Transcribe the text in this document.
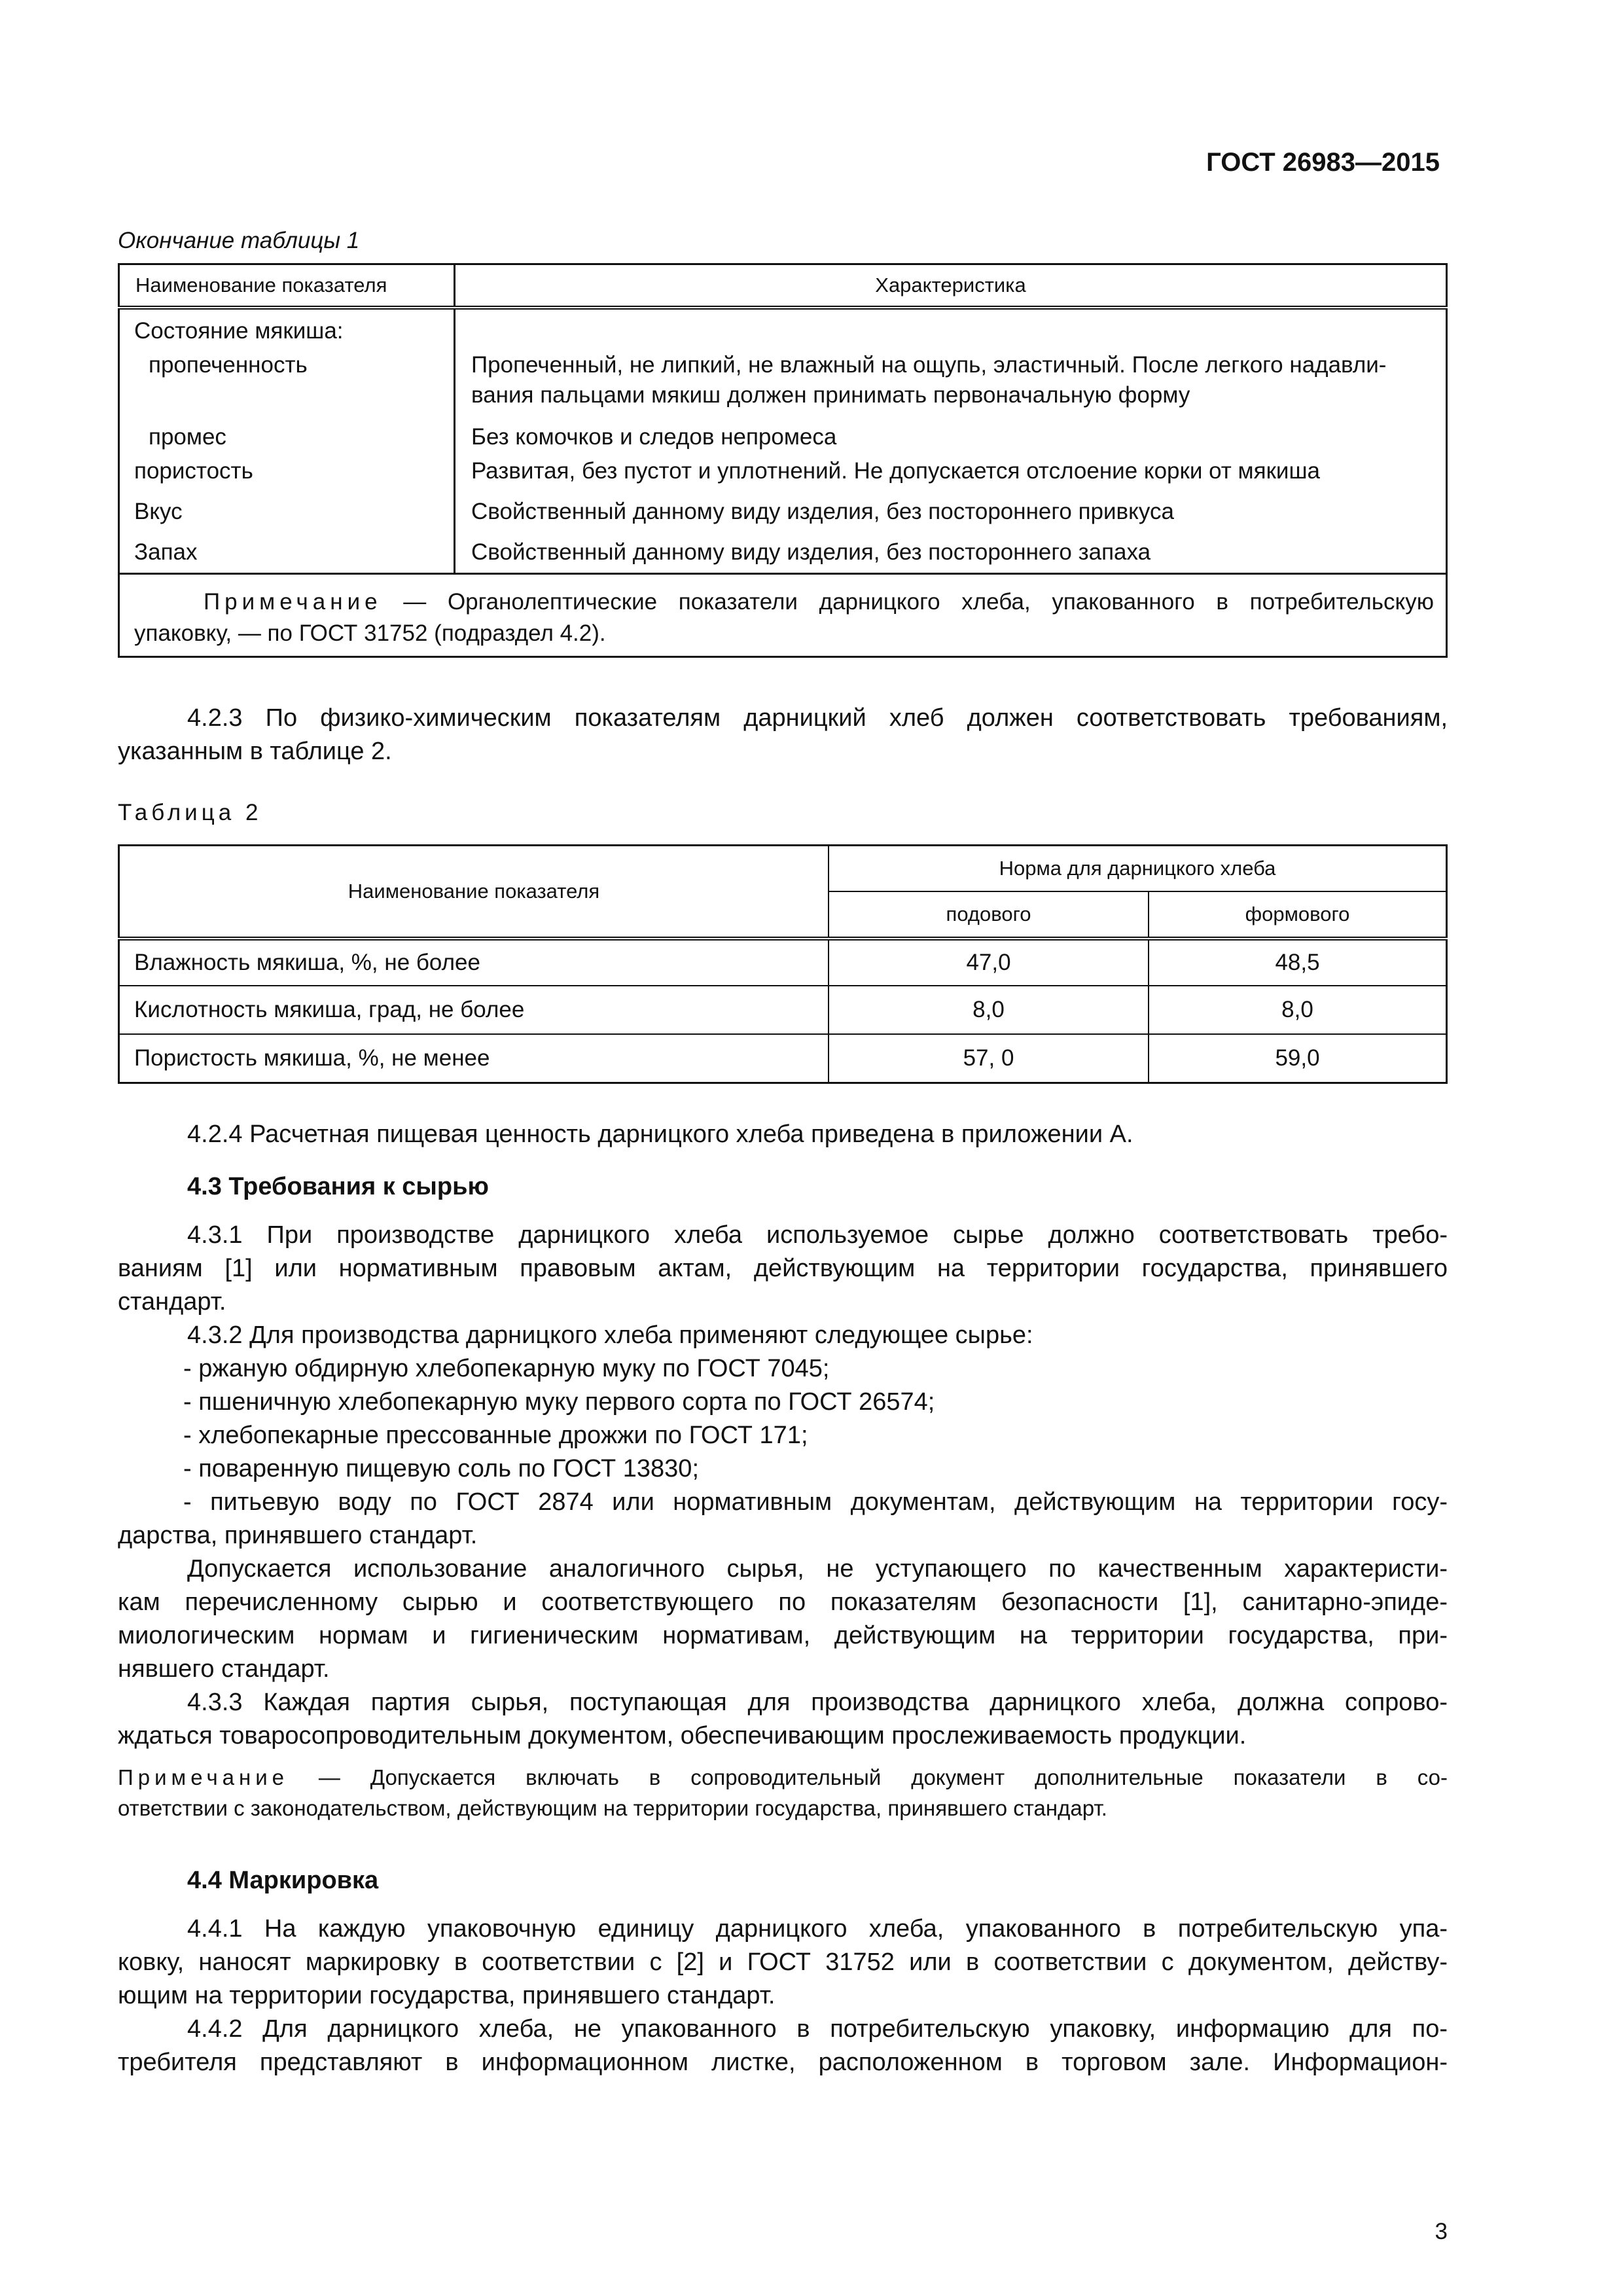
ГОСТ 26983—2015
Окончание таблицы 1
Наименование показателя	Характеристика
Состояние мякиша:	
пропеченность	Пропеченный, не липкий, не влажный на ощупь, эластичный. После легкого надавли-
вания пальцами мякиш должен принимать первоначальную форму

промес	Без комочков и следов непромеса
пористость	Развитая, без пустот и уплотнений. Не допускается отслоение корки от мякиша
Вкус	Свойственный данному виду изделия, без постороннего привкуса
Запах	Свойственный данному виду изделия, без постороннего запаха

Примечание — Органолептические показатели дарницкого хлеба, упакованного в потребительскую
упаковку, — по ГОСТ 31752 (подраздел 4.2).	
4.2.3 По физико-химическим показателям дарницкий хлеб должен соответствовать требованиям,
указанным в таблице 2.
Таблица 2
Наименование показателя	Норма для дарницкого хлеба	
	подового	формового
Влажность мякиша, %, не более	47,0	48,5
Кислотность мякиша, град, не более	8,0	8,0
Пористость мякиша, %, не менее	57, 0	59,0
4.2.4 Расчетная пищевая ценность дарницкого хлеба приведена в приложении А.
4.3 Требования к сырью
4.3.1 При производстве дарницкого хлеба используемое сырье должно соответствовать требо-
ваниям [1] или нормативным правовым актам, действующим на территории государства, принявшего
стандарт.
4.3.2 Для производства дарницкого хлеба применяют следующее сырье:
- ржаную обдирную хлебопекарную муку по ГОСТ 7045;
- пшеничную хлебопекарную муку первого сорта по ГОСТ 26574;
- хлебопекарные прессованные дрожжи по ГОСТ 171;
- поваренную пищевую соль по ГОСТ 13830;
- питьевую воду по ГОСТ 2874 или нормативным документам, действующим на территории госу-
дарства, принявшего стандарт.
Допускается использование аналогичного сырья, не уступающего по качественным характеристи-
кам перечисленному сырью и соответствующего по показателям безопасности [1], санитарно-эпиде-
миологическим нормам и гигиеническим нормативам, действующим на территории государства, при-
нявшего стандарт.
4.3.3 Каждая партия сырья, поступающая для производства дарницкого хлеба, должна сопрово-
ждаться товаросопроводительным документом, обеспечивающим прослеживаемость продукции.
Примечание — Допускается включать в сопроводительный документ дополнительные показатели в со-
ответствии с законодательством, действующим на территории государства, принявшего стандарт.
4.4 Маркировка
4.4.1 На каждую упаковочную единицу дарницкого хлеба, упакованного в потребительскую упа-
ковку, наносят маркировку в соответствии с [2] и ГОСТ 31752 или в соответствии с документом, действу-
ющим на территории государства, принявшего стандарт.
4.4.2 Для дарницкого хлеба, не упакованного в потребительскую упаковку, информацию для по-
требителя представляют в информационном листке, расположенном в торговом зале. Информацион-
3
